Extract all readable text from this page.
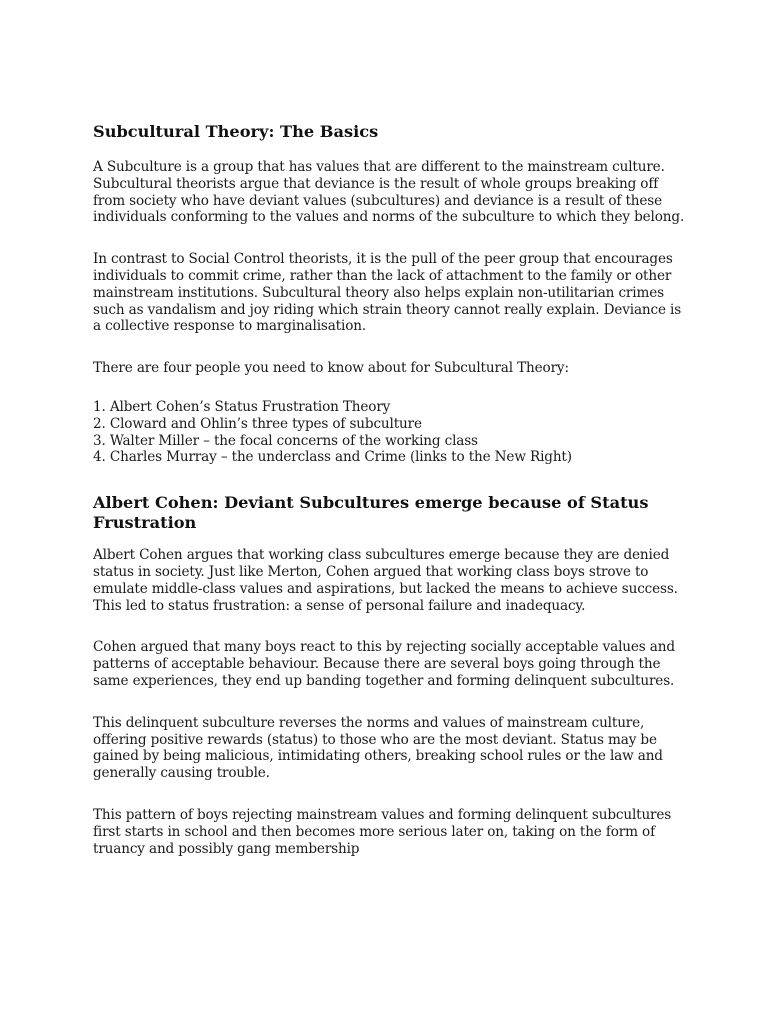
Subcultural Theory: The Basics

A Subculture is a group that has values that are different to the mainstream culture. Subcultural theorists argue that deviance is the result of whole groups breaking off from society who have deviant values (subcultures) and deviance is a result of these individuals conforming to the values and norms of the subculture to which they belong.

In contrast to Social Control theorists, it is the pull of the peer group that encourages individuals to commit crime, rather than the lack of attachment to the family or other mainstream institutions. Subcultural theory also helps explain non-utilitarian crimes such as vandalism and joy riding which strain theory cannot really explain. Deviance is a collective response to marginalisation.

There are four people you need to know about for Subcultural Theory:

1. Albert Cohen’s Status Frustration Theory
2. Cloward and Ohlin’s three types of subculture
3. Walter Miller – the focal concerns of the working class
4. Charles Murray – the underclass and Crime (links to the New Right)
Albert Cohen: Deviant Subcultures emerge because of Status Frustration

Albert Cohen argues that working class subcultures emerge because they are denied status in society. Just like Merton, Cohen argued that working class boys strove to emulate middle-class values and aspirations, but lacked the means to achieve success. This led to status frustration: a sense of personal failure and inadequacy.

Cohen argued that many boys react to this by rejecting socially acceptable values and patterns of acceptable behaviour. Because there are several boys going through the same experiences, they end up banding together and forming delinquent subcultures.

This delinquent subculture reverses the norms and values of mainstream culture, offering positive rewards (status) to those who are the most deviant. Status may be gained by being malicious, intimidating others, breaking school rules or the law and generally causing trouble.

This pattern of boys rejecting mainstream values and forming delinquent subcultures first starts in school and then becomes more serious later on, taking on the form of truancy and possibly gang membership
